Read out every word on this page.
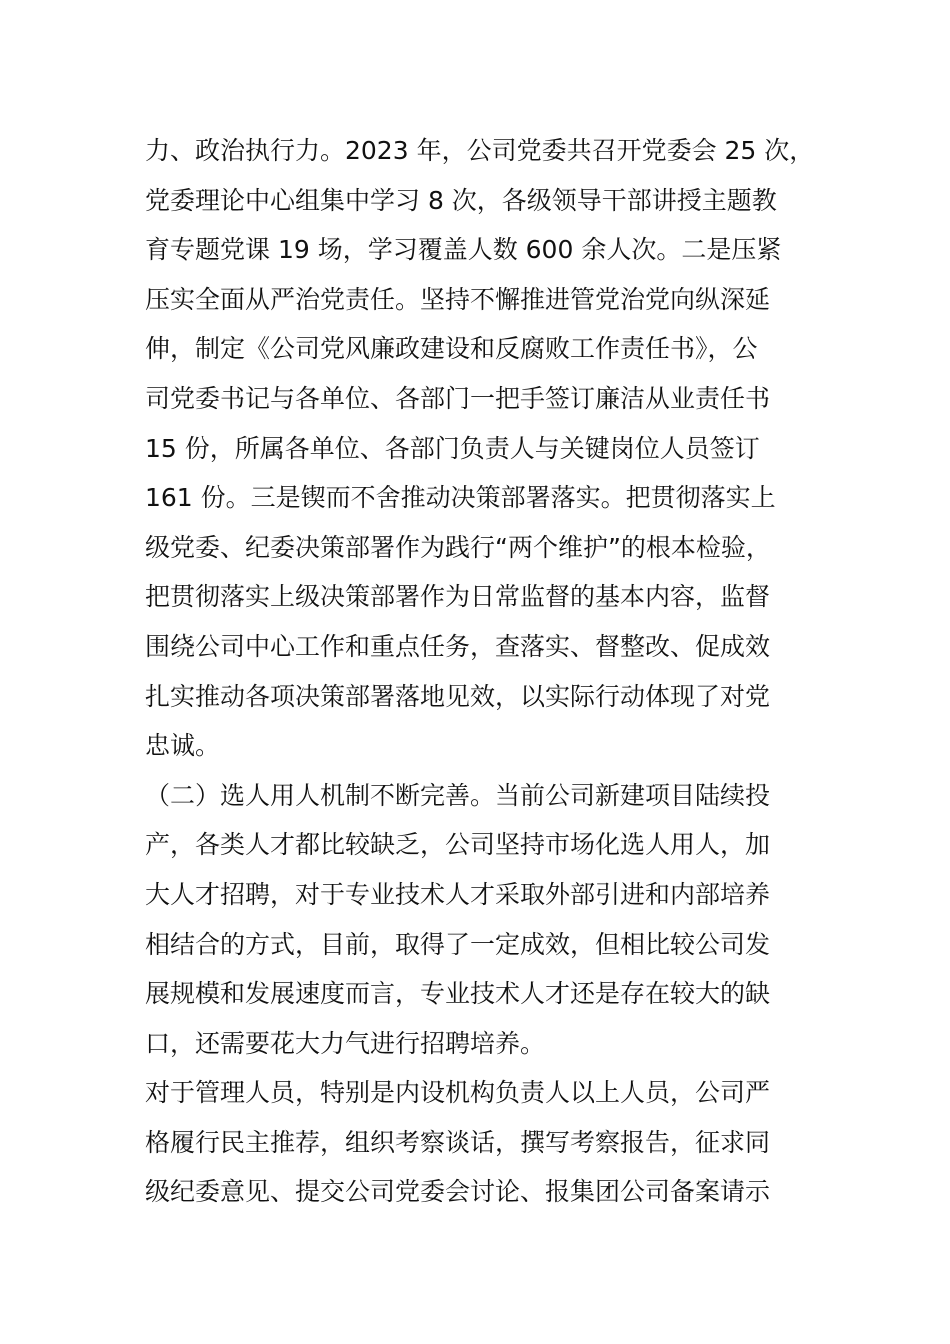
力、政治执行力。2023 年，公司党委共召开党委会 25 次，
党委理论中心组集中学习 8 次，各级领导干部讲授主题教
育专题党课 19 场，学习覆盖人数 600 余人次。二是压紧
压实全面从严治党责任。坚持不懈推进管党治党向纵深延
伸，制定《公司党风廉政建设和反腐败工作责任书》，公
司党委书记与各单位、各部门一把手签订廉洁从业责任书
15 份，所属各单位、各部门负责人与关键岗位人员签订
161 份。三是锲而不舍推动决策部署落实。把贯彻落实上
级党委、纪委决策部署作为践行“两个维护”的根本检验，
把贯彻落实上级决策部署作为日常监督的基本内容，监督
围绕公司中心工作和重点任务，查落实、督整改、促成效
扎实推动各项决策部署落地见效，以实际行动体现了对党
忠诚。
（二）选人用人机制不断完善。当前公司新建项目陆续投
产，各类人才都比较缺乏，公司坚持市场化选人用人，加
大人才招聘，对于专业技术人才采取外部引进和内部培养
相结合的方式，目前，取得了一定成效，但相比较公司发
展规模和发展速度而言，专业技术人才还是存在较大的缺
口，还需要花大力气进行招聘培养。
对于管理人员，特别是内设机构负责人以上人员，公司严
格履行民主推荐，组织考察谈话，撰写考察报告，征求同
级纪委意见、提交公司党委会讨论、报集团公司备案请示
